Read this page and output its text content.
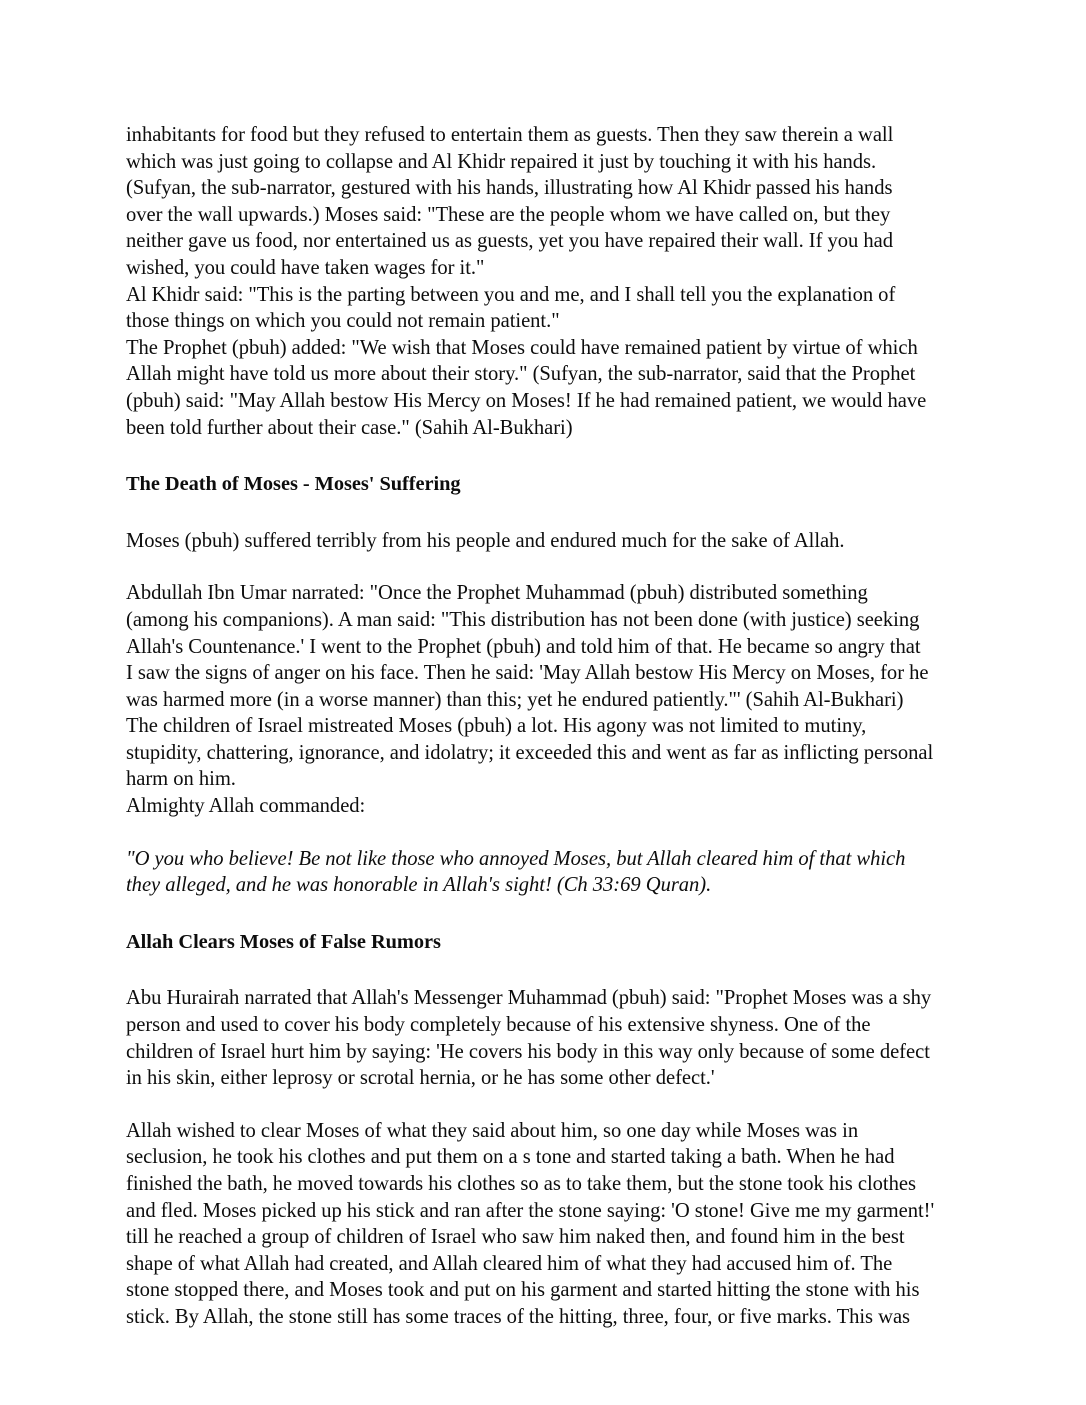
inhabitants for food but they refused to entertain them as guests. Then they saw therein a wall
which was just going to collapse and Al Khidr repaired it just by touching it with his hands.
(Sufyan, the sub-narrator, gestured with his hands, illustrating how Al Khidr passed his hands
over the wall upwards.) Moses said: "These are the people whom we have called on, but they
neither gave us food, nor entertained us as guests, yet you have repaired their wall. If you had
wished, you could have taken wages for it."
Al Khidr said: "This is the parting between you and me, and I shall tell you the explanation of
those things on which you could not remain patient."
The Prophet (pbuh) added: "We wish that Moses could have remained patient by virtue of which
Allah might have told us more about their story." (Sufyan, the sub-narrator, said that the Prophet
(pbuh) said: "May Allah bestow His Mercy on Moses! If he had remained patient, we would have
been told further about their case." (Sahih Al-Bukhari)
The Death of Moses - Moses' Suffering
Moses (pbuh) suffered terribly from his people and endured much for the sake of Allah.
Abdullah Ibn Umar narrated: "Once the Prophet Muhammad (pbuh) distributed something
(among his companions). A man said: "This distribution has not been done (with justice) seeking
Allah's Countenance.' I went to the Prophet (pbuh) and told him of that. He became so angry that
I saw the signs of anger on his face. Then he said: 'May Allah bestow His Mercy on Moses, for he
was harmed more (in a worse manner) than this; yet he endured patiently."' (Sahih Al-Bukhari)
The children of Israel mistreated Moses (pbuh) a lot. His agony was not limited to mutiny,
stupidity, chattering, ignorance, and idolatry; it exceeded this and went as far as inflicting personal
harm on him.
Almighty Allah commanded:
"O you who believe! Be not like those who annoyed Moses, but Allah cleared him of that which
they alleged, and he was honorable in Allah's sight! (Ch 33:69 Quran).
Allah Clears Moses of False Rumors
Abu Hurairah narrated that Allah's Messenger Muhammad (pbuh) said: "Prophet Moses was a shy
person and used to cover his body completely because of his extensive shyness. One of the
children of Israel hurt him by saying: 'He covers his body in this way only because of some defect
in his skin, either leprosy or scrotal hernia, or he has some other defect.'
Allah wished to clear Moses of what they said about him, so one day while Moses was in
seclusion, he took his clothes and put them on a s tone and started taking a bath. When he had
finished the bath, he moved towards his clothes so as to take them, but the stone took his clothes
and fled. Moses picked up his stick and ran after the stone saying: 'O stone! Give me my garment!'
till he reached a group of children of Israel who saw him naked then, and found him in the best
shape of what Allah had created, and Allah cleared him of what they had accused him of. The
stone stopped there, and Moses took and put on his garment and started hitting the stone with his
stick. By Allah, the stone still has some traces of the hitting, three, four, or five marks. This was
